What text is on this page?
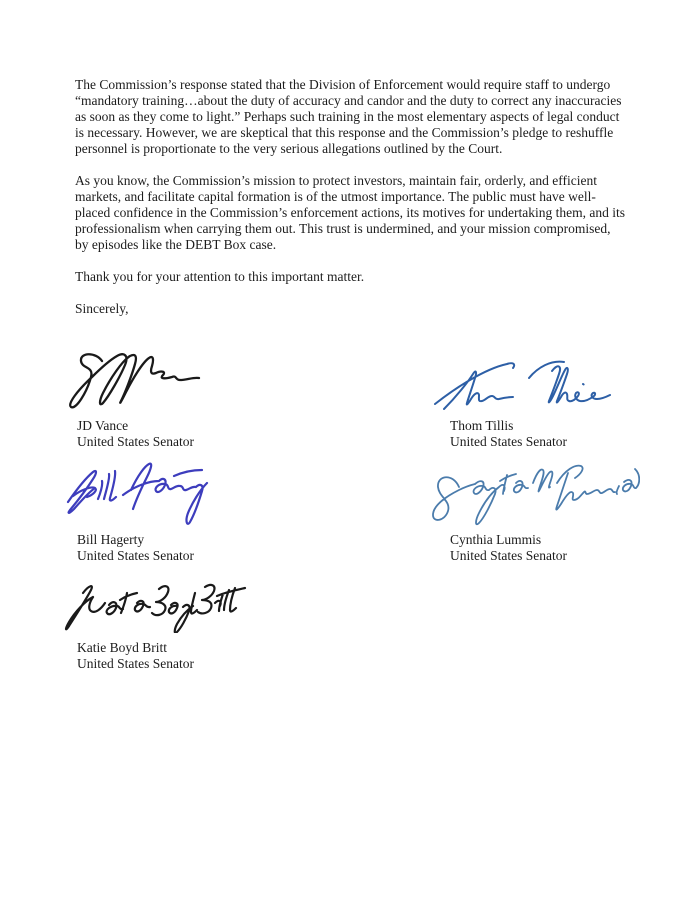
The Commission’s response stated that the Division of Enforcement would require staff to undergo “mandatory training…about the duty of accuracy and candor and the duty to correct any inaccuracies as soon as they come to light.” Perhaps such training in the most elementary aspects of legal conduct is necessary. However, we are skeptical that this response and the Commission’s pledge to reshuffle personnel is proportionate to the very serious allegations outlined by the Court.

As you know, the Commission’s mission to protect investors, maintain fair, orderly, and efficient markets, and facilitate capital formation is of the utmost importance. The public must have well-placed confidence in the Commission’s enforcement actions, its motives for undertaking them, and its professionalism when carrying them out. This trust is undermined, and your mission compromised, by episodes like the DEBT Box case.

Thank you for your attention to this important matter.

Sincerely,

JD Vance
United States Senator
Thom Tillis
United States Senator
Bill Hagerty
United States Senator
Cynthia Lummis
United States Senator
Katie Boyd Britt
United States Senator
